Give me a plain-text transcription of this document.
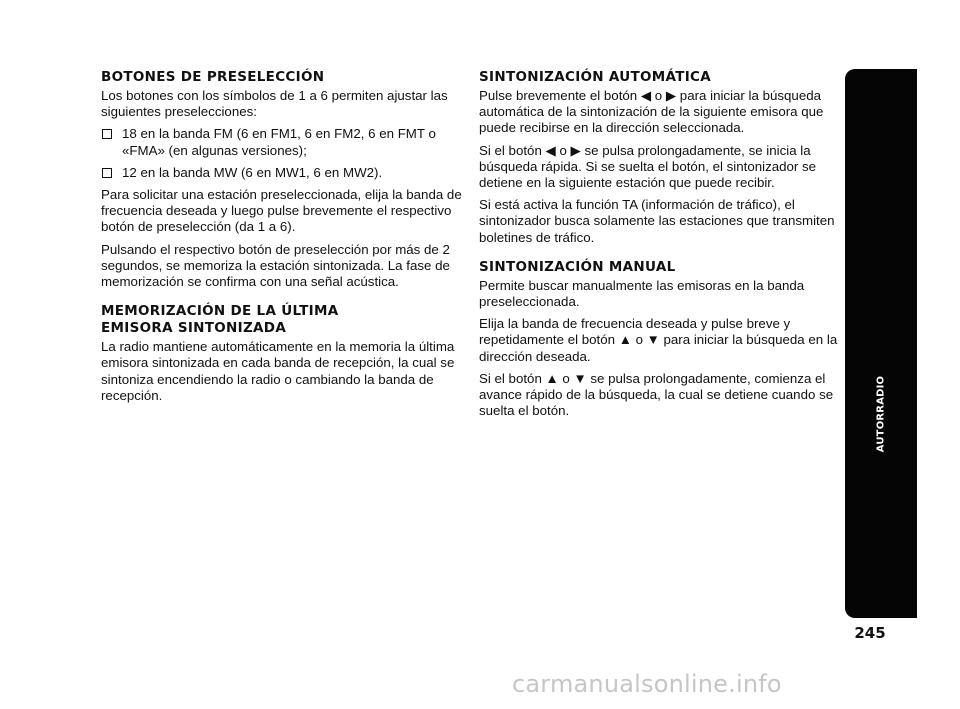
BOTONES DE PRESELECCIÓN

Los botones con los símbolos de 1 a 6 permiten ajustar las siguientes preselecciones:

18 en la banda FM (6 en FM1, 6 en FM2, 6 en FMT o «FMA» (en algunas versiones);
12 en la banda MW (6 en MW1, 6 en MW2).

Para solicitar una estación preseleccionada, elija la banda de frecuencia deseada y luego pulse brevemente el respectivo botón de preselección (da 1 a 6).

Pulsando el respectivo botón de preselección por más de 2 segundos, se memoriza la estación sintonizada. La fase de memorización se confirma con una señal acústica.

MEMORIZACIÓN DE LA ÚLTIMA
EMISORA SINTONIZADA

La radio mantiene automáticamente en la memoria la última emisora sintonizada en cada banda de recepción, la cual se sintoniza encendiendo la radio o cambiando la banda de recepción.

SINTONIZACIÓN AUTOMÁTICA

Pulse brevemente el botón ◀ o ▶ para iniciar la búsqueda automática de la sintonización de la siguiente emisora que puede recibirse en la dirección seleccionada.

Si el botón ◀ o ▶ se pulsa prolongadamente, se inicia la búsqueda rápida. Si se suelta el botón, el sintonizador se detiene en la siguiente estación que puede recibir.

Si está activa la función TA (información de tráfico), el sintonizador busca solamente las estaciones que transmiten boletines de tráfico.

SINTONIZACIÓN MANUAL

Permite buscar manualmente las emisoras en la banda preseleccionada.

Elija la banda de frecuencia deseada y pulse breve y repetidamente el botón ▲ o ▼ para iniciar la búsqueda en la dirección deseada.

Si el botón ▲ o ▼ se pulsa prolongadamente, comienza el avance rápido de la búsqueda, la cual se detiene cuando se suelta el botón.	AUTORRADIO
245
carmanualsonline.info
